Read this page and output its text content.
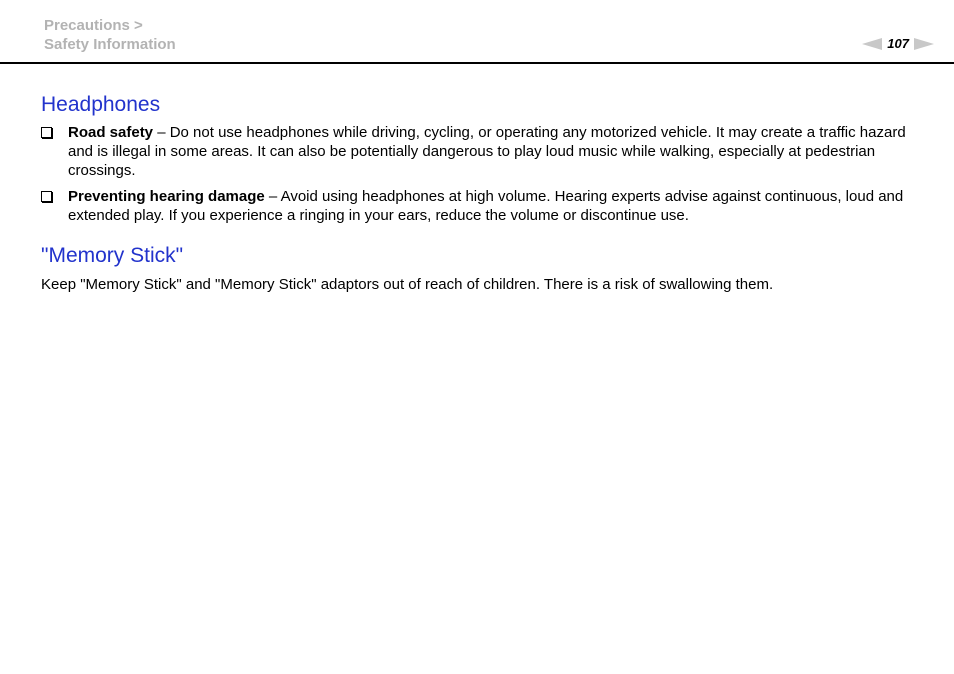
Precautions >
Safety Information	107
Headphones
Road safety – Do not use headphones while driving, cycling, or operating any motorized vehicle. It may create a traffic hazard and is illegal in some areas. It can also be potentially dangerous to play loud music while walking, especially at pedestrian crossings.
Preventing hearing damage – Avoid using headphones at high volume. Hearing experts advise against continuous, loud and extended play. If you experience a ringing in your ears, reduce the volume or discontinue use.
"Memory Stick"

Keep "Memory Stick" and "Memory Stick" adaptors out of reach of children. There is a risk of swallowing them.
